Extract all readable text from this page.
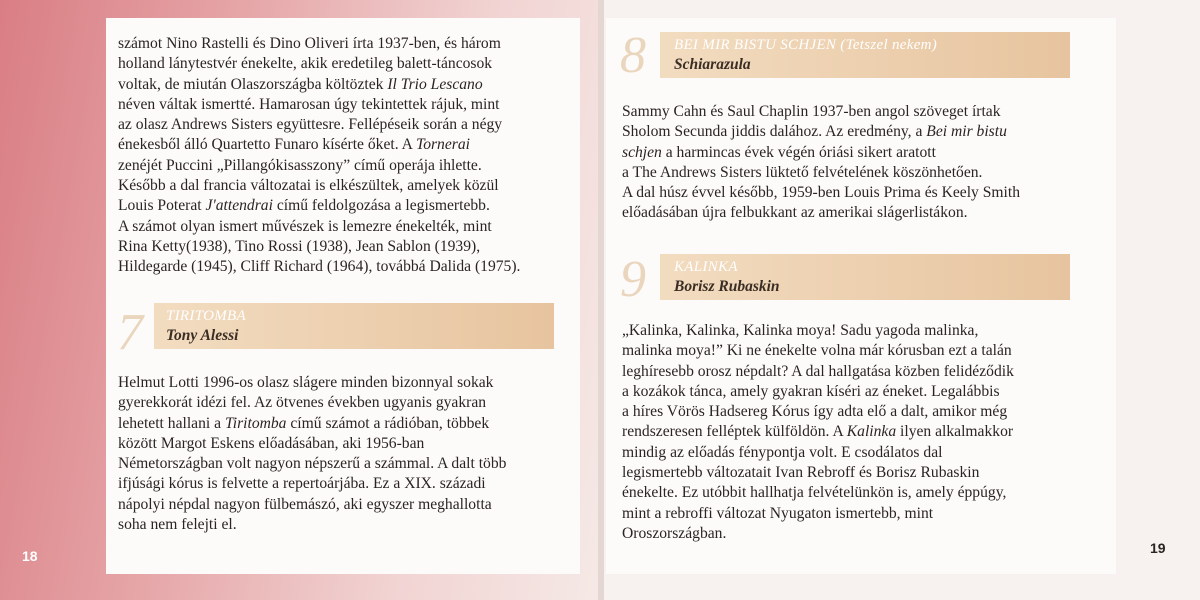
számot Nino Rastelli és Dino Oliveri írta 1937-ben, és három
holland lánytestvér énekelte, akik eredetileg balett-táncosok
voltak, de miután Olaszországba költöztek Il Trio Lescano
néven váltak ismertté. Hamarosan úgy tekintettek rájuk, mint
az olasz Andrews Sisters együttesre. Fellépéseik során a négy
énekesből álló Quartetto Funaro kísérte őket. A Tornerai
zenéjét Puccini „Pillangókisasszony” című operája ihlette.
Később a dal francia változatai is elkészültek, amelyek közül
Louis Poterat J'attendrai című feldolgozása a legismertebb.
A számot olyan ismert művészek is lemezre énekelték, mint
Rina Ketty(1938), Tino Rossi (1938), Jean Sablon (1939),
Hildegarde (1945), Cliff Richard (1964), továbbá Dalida (1975).
7 TIRITOMBA
Tony Alessi
Helmut Lotti 1996-os olasz slágere minden bizonnyal sokak
gyerekkorát idézi fel. Az ötvenes években ugyanis gyakran
lehetett hallani a Tiritomba című számot a rádióban, többek
között Margot Eskens előadásában, aki 1956-ban
Németországban volt nagyon népszerű a számmal. A dalt több
ifjúsági kórus is felvette a repertoárjába. Ez a XIX. századi
nápolyi népdal nagyon fülbemászó, aki egyszer meghallotta
soha nem felejti el.
18
8 BEI MIR BISTU SCHJEN (Tetszel nekem)
Schiarazula
Sammy Cahn és Saul Chaplin 1937-ben angol szöveget írtak
Sholom Secunda jiddis dalához. Az eredmény, a Bei mir bistu
schjen a harmincas évek végén óriási sikert aratott
a The Andrews Sisters lüktető felvételének köszönhetően.
A dal húsz évvel később, 1959-ben Louis Prima és Keely Smith
előadásában újra felbukkant az amerikai slágerlistákon.
9 KALINKA
Borisz Rubaskin
„Kalinka, Kalinka, Kalinka moya! Sadu yagoda malinka,
malinka moya!” Ki ne énekelte volna már kórusban ezt a talán
leghíresebb orosz népdalt? A dal hallgatása közben felidéződik
a kozákok tánca, amely gyakran kíséri az éneket. Legalábbis
a híres Vörös Hadsereg Kórus így adta elő a dalt, amikor még
rendszeresen felléptek külföldön. A Kalinka ilyen alkalmakkor
mindig az előadás fénypontja volt. E csodálatos dal
legismertebb változatait Ivan Rebroff és Borisz Rubaskin
énekelte. Ez utóbbit hallhatja felvételünkön is, amely éppúgy,
mint a rebroffi változat Nyugaton ismertebb, mint
Oroszországban.
19
